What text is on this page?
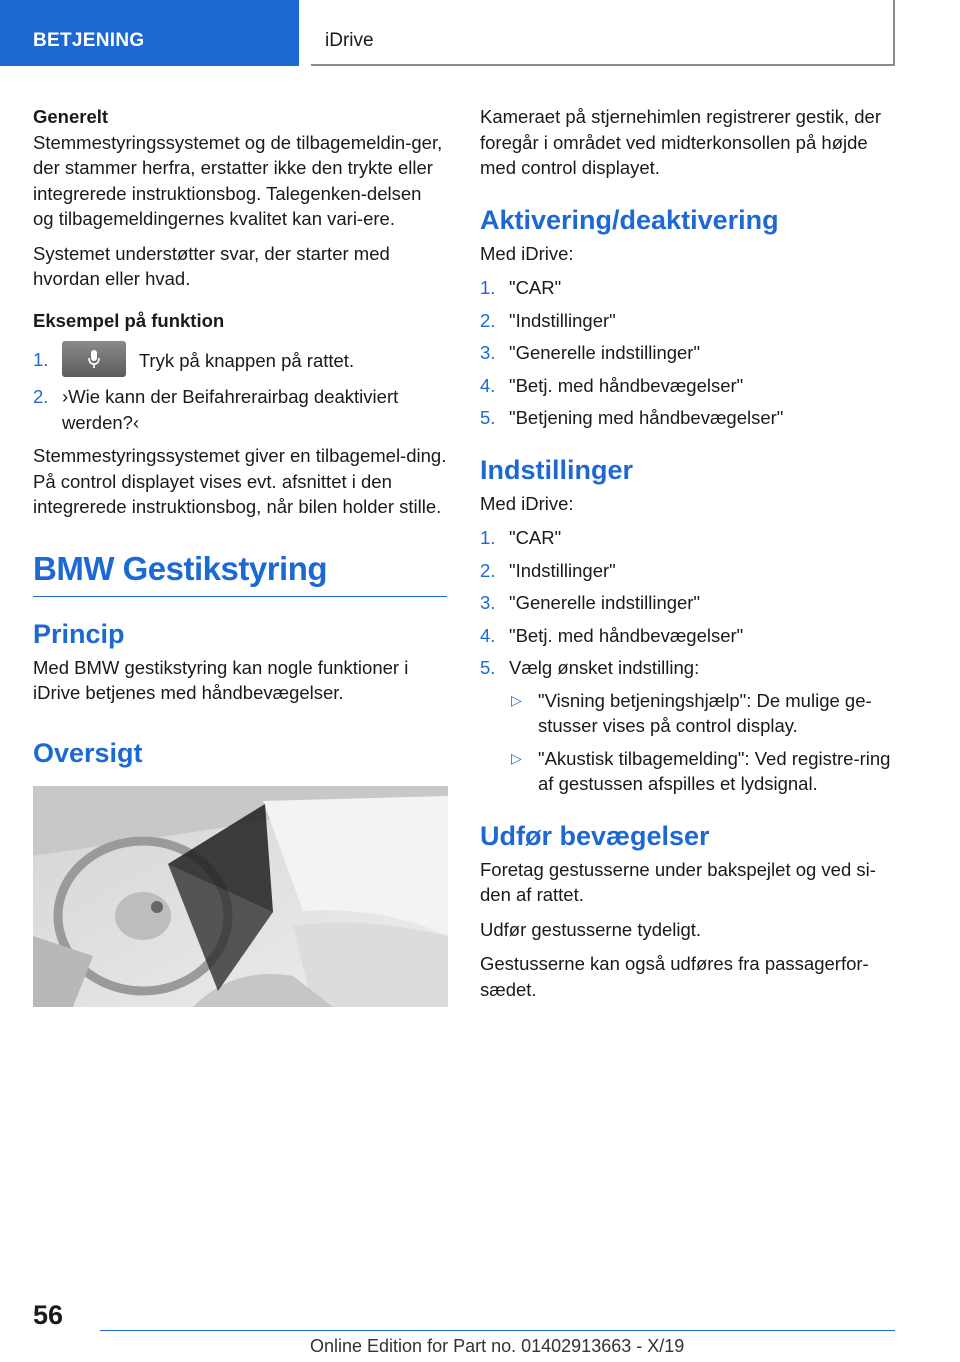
BETJENING	iDrive

Generelt

Stemmestyringssystemet og de tilbagemeldin-ger, der stammer herfra, erstatter ikke den trykte eller integrerede instruktionsbog. Talegenken-delsen og tilbagemeldingernes kvalitet kan vari-ere.

Systemet understøtter svar, der starter med hvordan eller hvad.

Eksempel på funktion

1.	Tryk på knappen på rattet.
2. ›Wie kann der Beifahrerairbag deaktiviert werden?‹

Stemmestyringssystemet giver en tilbagemel-ding. På control displayet vises evt. afsnittet i den integrerede instruktionsbog, når bilen holder stille.

BMW Gestikstyring
Princip

Med BMW gestikstyring kan nogle funktioner i iDrive betjenes med håndbevægelser.

Oversigt

Kameraet på stjernehimlen registrerer gestik, der foregår i området ved midterkonsollen på højde med control displayet.

Aktivering/deaktivering

Med iDrive:

1. "CAR"
2. "Indstillinger"
3. "Generelle indstillinger"
4. "Betj. med håndbevægelser"
5. "Betjening med håndbevægelser"
Indstillinger

Med iDrive:

1. "CAR"
2. "Indstillinger"
3. "Generelle indstillinger"
4. "Betj. med håndbevægelser"
5. Vælg ønsket indstilling:
▷ "Visning betjeningshjælp": De mulige ge-stusser vises på control display.
▷ "Akustisk tilbagemelding": Ved registre-ring af gestussen afspilles et lydsignal.
Udfør bevægelser

Foretag gestusserne under bakspejlet og ved si-den af rattet.

Udfør gestusserne tydeligt.

Gestusserne kan også udføres fra passagerfor-sædet.

56
Online Edition for Part no. 01402913663 - X/19
